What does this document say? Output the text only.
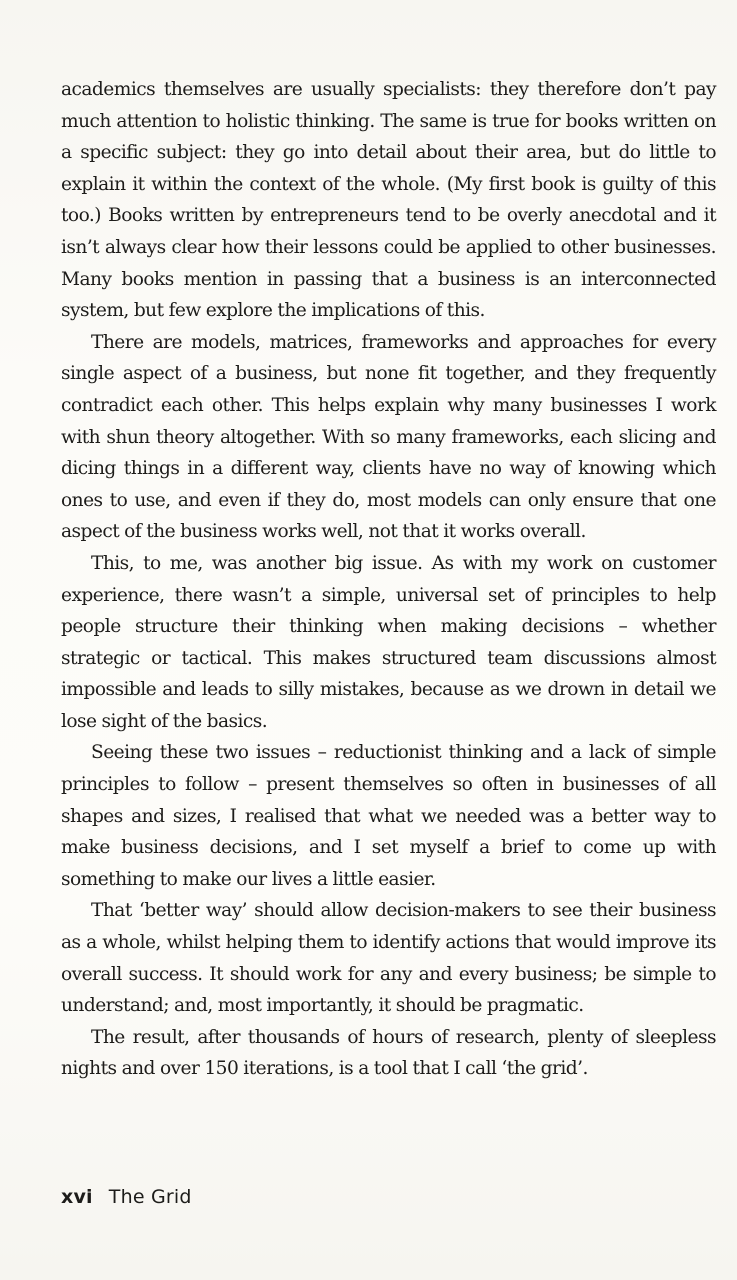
academics themselves are usually specialists: they therefore don’t pay much attention to holistic thinking. The same is true for books written on a specific subject: they go into detail about their area, but do little to explain it within the context of the whole. (My first book is guilty of this too.) Books written by entrepreneurs tend to be overly anecdotal and it isn’t always clear how their lessons could be applied to other businesses. Many books mention in passing that a business is an interconnected system, but few explore the implications of this.

There are models, matrices, frameworks and approaches for every single aspect of a business, but none fit together, and they frequently contradict each other. This helps explain why many businesses I work with shun theory altogether. With so many frameworks, each slicing and dicing things in a different way, clients have no way of knowing which ones to use, and even if they do, most models can only ensure that one aspect of the business works well, not that it works overall.

This, to me, was another big issue. As with my work on customer experience, there wasn’t a simple, universal set of principles to help people structure their thinking when making decisions – whether strategic or tactical. This makes structured team discussions almost impossible and leads to silly mistakes, because as we drown in detail we lose sight of the basics.

Seeing these two issues – reductionist thinking and a lack of simple principles to follow – present themselves so often in businesses of all shapes and sizes, I realised that what we needed was a better way to make business decisions, and I set myself a brief to come up with something to make our lives a little easier.

That ‘better way’ should allow decision-makers to see their business as a whole, whilst helping them to identify actions that would improve its overall success. It should work for any and every business; be simple to understand; and, most importantly, it should be pragmatic.

The result, after thousands of hours of research, plenty of sleepless nights and over 150 iterations, is a tool that I call ‘the grid’.

xvi The Grid
